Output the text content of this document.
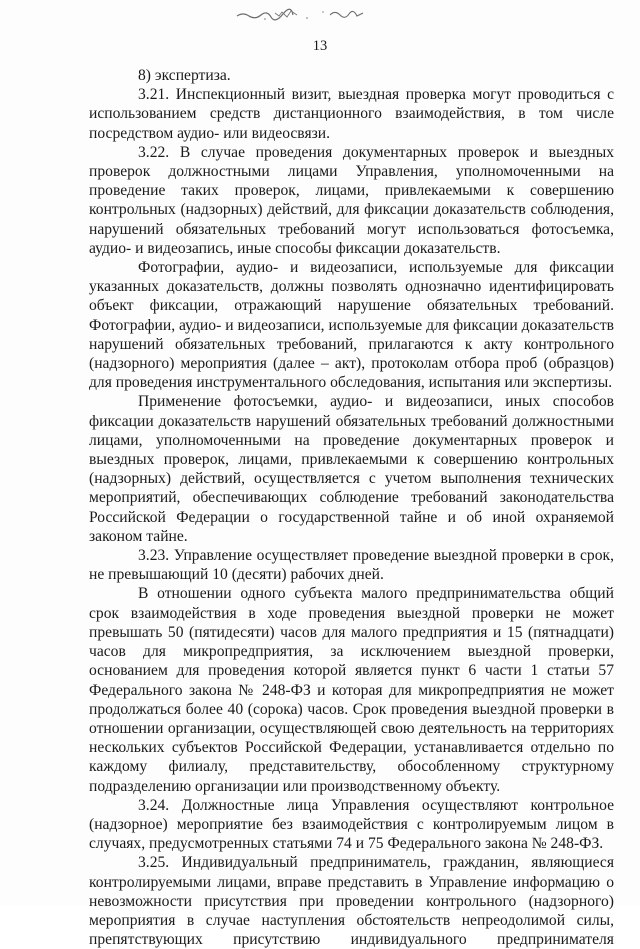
13

8) экспертиза.

3.21. Инспекционный визит, выездная проверка могут проводиться с использованием средств дистанционного взаимодействия, в том числе посредством аудио- или видеосвязи.

3.22. В случае проведения документарных проверок и выездных проверок должностными лицами Управления, уполномоченными на проведение таких проверок, лицами, привлекаемыми к совершению контрольных (надзорных) действий, для фиксации доказательств соблюдения, нарушений обязательных требований могут использоваться фотосъемка, аудио- и видеозапись, иные способы фиксации доказательств.

Фотографии, аудио- и видеозаписи, используемые для фиксации указанных доказательств, должны позволять однозначно идентифицировать объект фиксации, отражающий нарушение обязательных требований. Фотографии, аудио- и видеозаписи, используемые для фиксации доказательств нарушений обязательных требований, прилагаются к акту контрольного (надзорного) мероприятия (далее – акт), протоколам отбора проб (образцов) для проведения инструментального обследования, испытания или экспертизы.

Применение фотосъемки, аудио- и видеозаписи, иных способов фиксации доказательств нарушений обязательных требований должностными лицами, уполномоченными на проведение документарных проверок и выездных проверок, лицами, привлекаемыми к совершению контрольных (надзорных) действий, осуществляется с учетом выполнения технических мероприятий, обеспечивающих соблюдение требований законодательства Российской Федерации о государственной тайне и об иной охраняемой законом тайне.

3.23. Управление осуществляет проведение выездной проверки в срок, не превышающий 10 (десяти) рабочих дней.

В отношении одного субъекта малого предпринимательства общий срок взаимодействия в ходе проведения выездной проверки не может превышать 50 (пятидесяти) часов для малого предприятия и 15 (пятнадцати) часов для микропредприятия, за исключением выездной проверки, основанием для проведения которой является пункт 6 части 1 статьи 57 Федерального закона № 248-ФЗ и которая для микропредприятия не может продолжаться более 40 (сорока) часов. Срок проведения выездной проверки в отношении организации, осуществляющей свою деятельность на территориях нескольких субъектов Российской Федерации, устанавливается отдельно по каждому филиалу, представительству, обособленному структурному подразделению организации или производственному объекту.

3.24. Должностные лица Управления осуществляют контрольное (надзорное) мероприятие без взаимодействия с контролируемым лицом в случаях, предусмотренных статьями 74 и 75 Федерального закона № 248-ФЗ.

3.25. Индивидуальный предприниматель, гражданин, являющиеся контролируемыми лицами, вправе представить в Управление информацию о невозможности присутствия при проведении контрольного (надзорного) мероприятия в случае наступления обстоятельств непреодолимой силы, препятствующих присутствию индивидуального предпринимателя
